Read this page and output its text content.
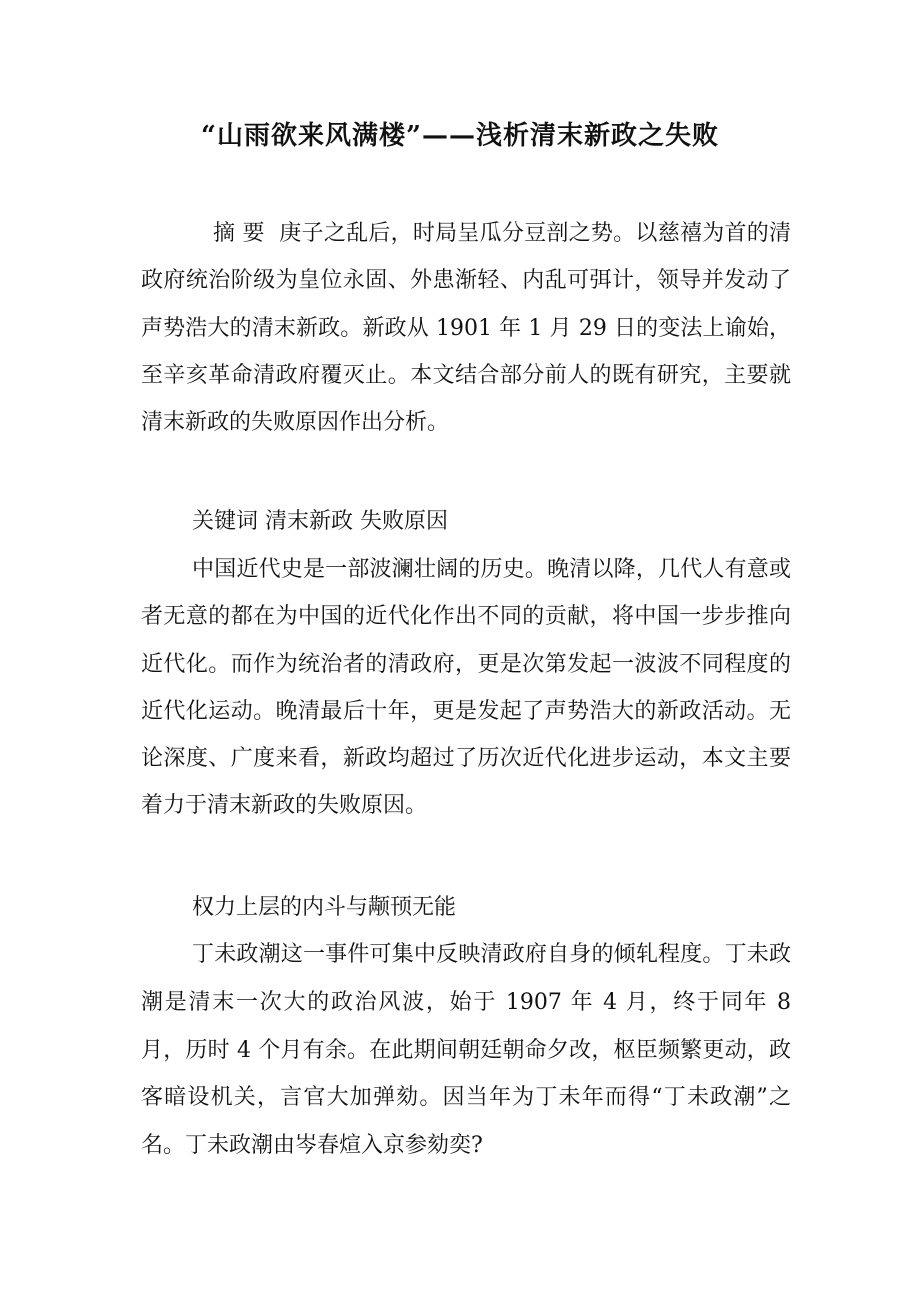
“山雨欲来风满楼”——浅析清末新政之失败

摘 要 庚子之乱后，时局呈瓜分豆剖之势。以慈禧为首的清政府统治阶级为皇位永固、外患渐轻、内乱可弭计，领导并发动了声势浩大的清末新政。新政从 1901 年 1 月 29 日的变法上谕始，至辛亥革命清政府覆灭止。本文结合部分前人的既有研究，主要就清末新政的失败原因作出分析。

关键词 清末新政 失败原因

中国近代史是一部波澜壮阔的历史。晚清以降，几代人有意或者无意的都在为中国的近代化作出不同的贡献，将中国一步步推向近代化。而作为统治者的清政府，更是次第发起一波波不同程度的近代化运动。晚清最后十年，更是发起了声势浩大的新政活动。无论深度、广度来看，新政均超过了历次近代化进步运动，本文主要着力于清末新政的失败原因。

权力上层的内斗与颟顸无能

丁未政潮这一事件可集中反映清政府自身的倾轧程度。丁未政潮是清末一次大的政治风波，始于 1907 年 4 月，终于同年 8 月，历时 4 个月有余。在此期间朝廷朝命夕改，枢臣频繁更动，政客暗设机关，言官大加弹劾。因当年为丁未年而得“丁未政潮”之名。丁未政潮由岑春煊入京参劾奕?
